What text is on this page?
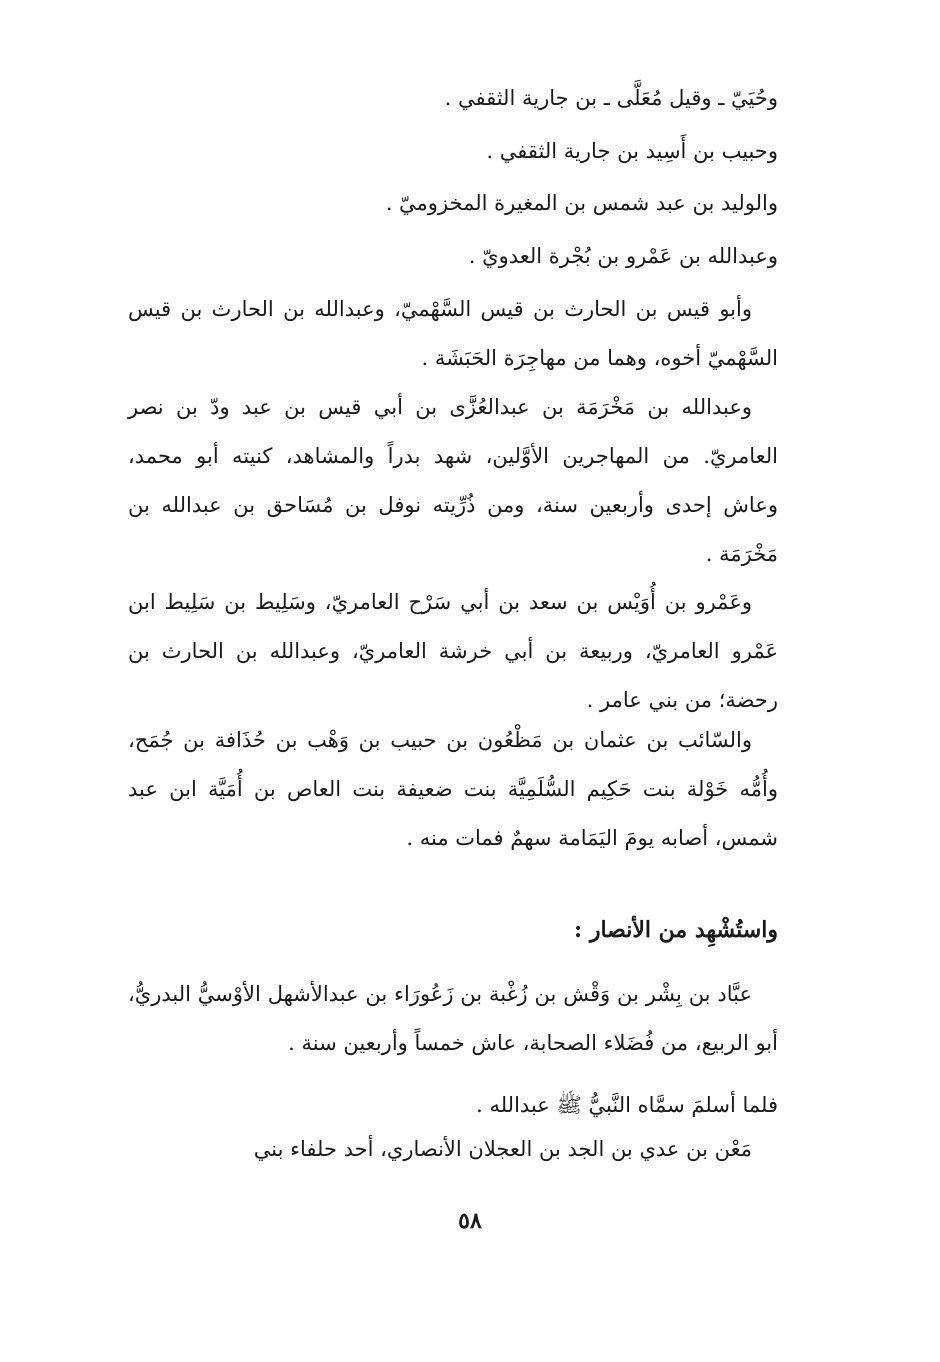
وحُيَيّ ـ وقيل مُعَلَّى ـ بن جارية الثقفي .
وحبيب بن أَسِيد بن جارية الثقفي .
والوليد بن عبد شمس بن المغيرة المخزوميّ .
وعبدالله بن عَمْرو بن بُجْرة العدويّ .

وأبو قيس بن الحارث بن قيس السَّهْميّ، وعبدالله بن الحارث بن قيس السَّهْميّ أخوه، وهما من مهاجِرَة الحَبَشَة .

وعبدالله بن مَخْرَمَة بن عبدالعُزَّى بن أبي قيس بن عبد ودّ بن نصر العامريّ. من المهاجرين الأوَّلين، شهد بدراً والمشاهد، كنيته أبو محمد، وعاش إحدى وأربعين سنة، ومن ذُرِّيته نوفل بن مُسَاحق بن عبدالله بن مَخْرَمَة .

وعَمْرو بن أُوَيْس بن سعد بن أبي سَرْح العامريّ، وسَلِيط بن سَلِيط ابن عَمْرو العامريّ، وربيعة بن أبي خرشة العامريّ، وعبدالله بن الحارث بن رحضة؛ من بني عامر .

والسّائب بن عثمان بن مَظْعُون بن حبيب بن وَهْب بن حُذَافة بن جُمَح، وأُمُّه خَوْلة بنت حَكِيم السُّلَمِيَّة بنت ضعيفة بنت العاص بن أُمَيَّة ابن عبد شمس، أصابه يومَ اليَمَامة سهمٌ فمات منه .

واستُشْهِد من الأنصار :

عبَّاد بن بِشْر بن وَقْش بن زُغْبة بن زَعُورَاء بن عبدالأشهل الأوْسيُّ البدريُّ، أبو الربيع، من فُضَلاء الصحابة، عاش خمساً وأربعين سنة .

فلما أسلمَ سمَّاه النَّبيُّ ﷺ عبدالله .

مَعْن بن عدي بن الجد بن العجلان الأنصاري، أحد حلفاء بني

٥٨
